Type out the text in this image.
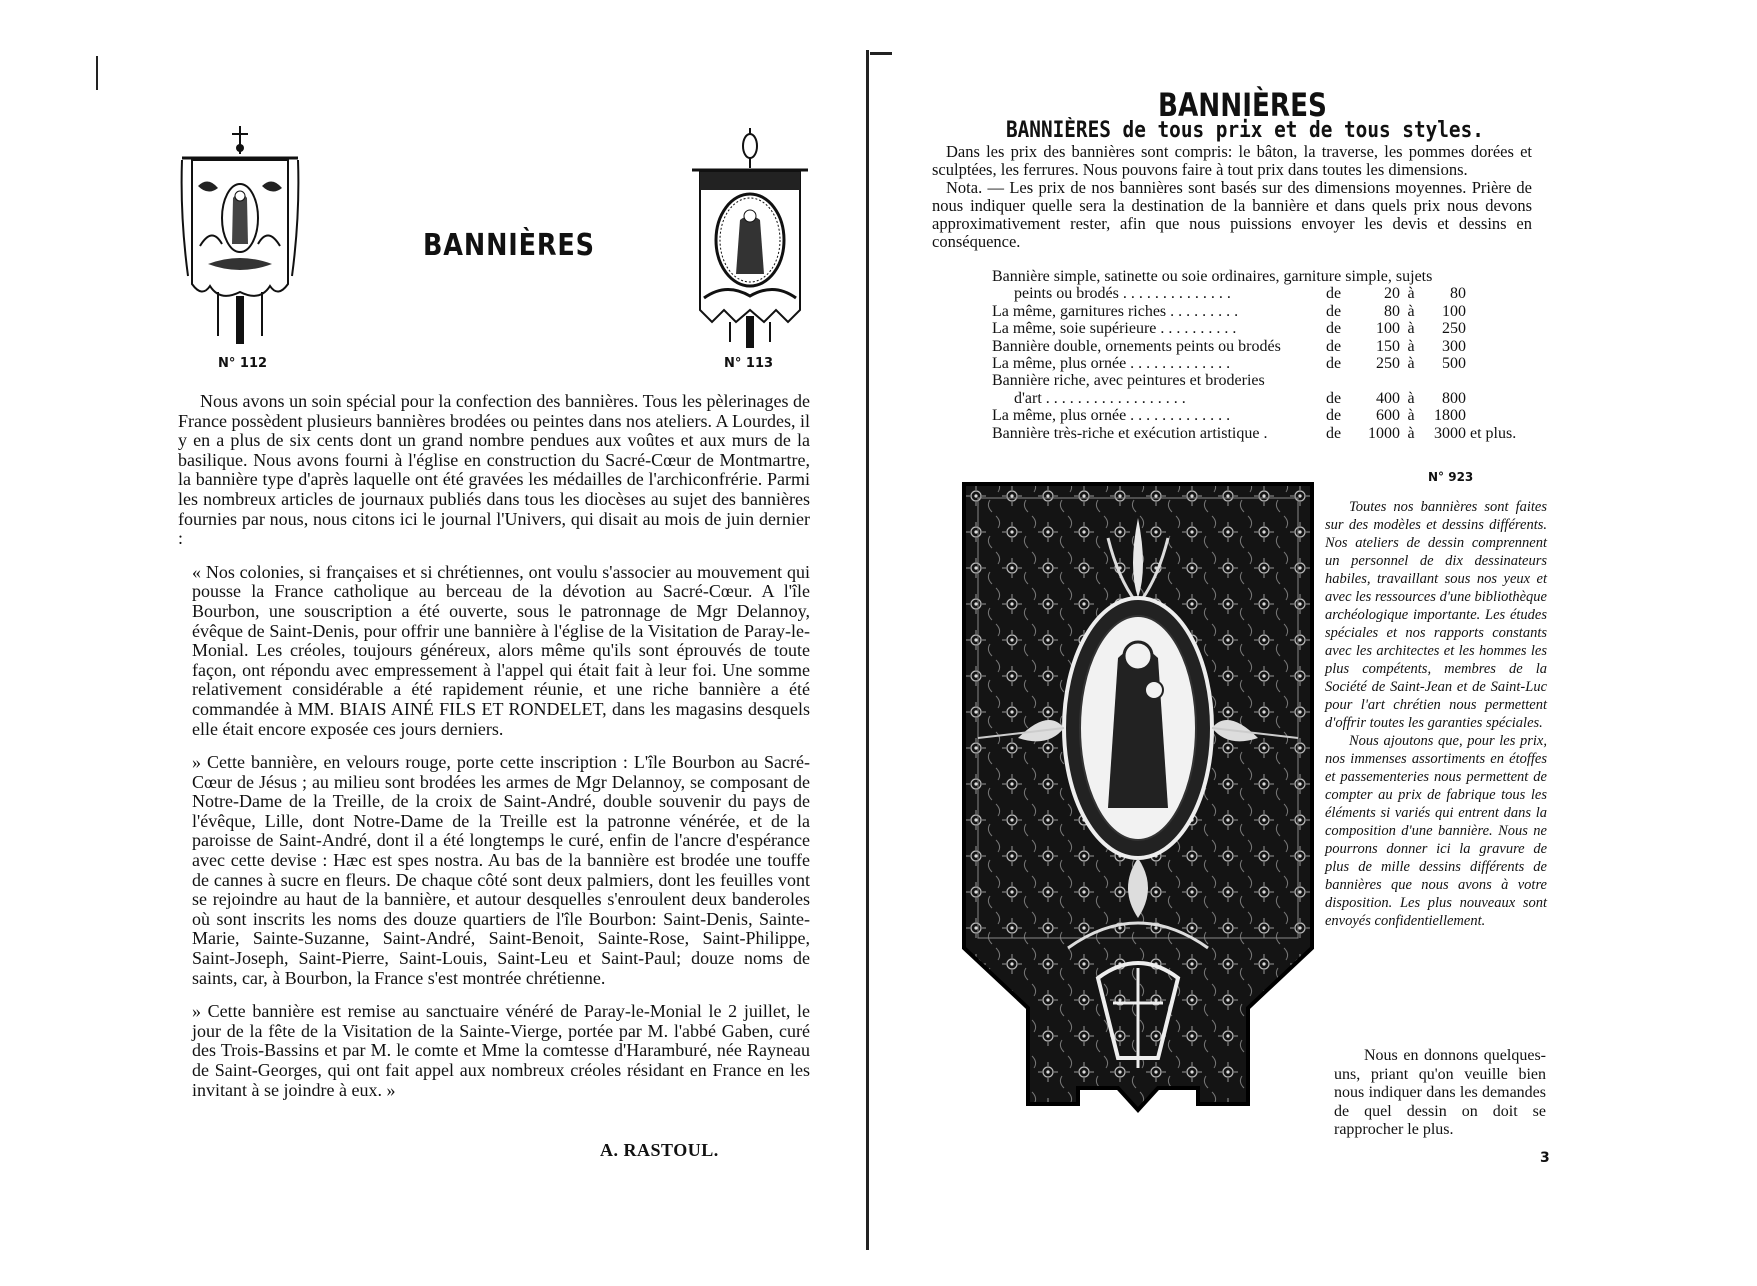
N° 112	N° 113
BANNIÈRES

Nous avons un soin spécial pour la confection des bannières. Tous les pèlerinages de France possèdent plusieurs bannières brodées ou peintes dans nos ateliers. A Lourdes, il y en a plus de six cents dont un grand nombre pendues aux voûtes et aux murs de la basilique. Nous avons fourni à l'église en construction du Sacré-Cœur de Montmartre, la bannière type d'après laquelle ont été gravées les médailles de l'archiconfrérie. Parmi les nombreux articles de journaux publiés dans tous les diocèses au sujet des bannières fournies par nous, nous citons ici le journal l'Univers, qui disait au mois de juin dernier :

« Nos colonies, si françaises et si chrétiennes, ont voulu s'associer au mouvement qui pousse la France catholique au berceau de la dévotion au Sacré-Cœur. A l'île Bourbon, une souscription a été ouverte, sous le patronnage de Mgr Delannoy, évêque de Saint-Denis, pour offrir une bannière à l'église de la Visitation de Paray-le-Monial. Les créoles, toujours généreux, alors même qu'ils sont éprouvés de toute façon, ont répondu avec empressement à l'appel qui était fait à leur foi. Une somme relativement considérable a été rapidement réunie, et une riche bannière a été commandée à MM. BIAIS AINÉ FILS ET RONDELET, dans les magasins desquels elle était encore exposée ces jours derniers.

» Cette bannière, en velours rouge, porte cette inscription : L'île Bourbon au Sacré-Cœur de Jésus ; au milieu sont brodées les armes de Mgr Delannoy, se composant de Notre-Dame de la Treille, de la croix de Saint-André, double souvenir du pays de l'évêque, Lille, dont Notre-Dame de la Treille est la patronne vénérée, et de la paroisse de Saint-André, dont il a été longtemps le curé, enfin de l'ancre d'espérance avec cette devise : Hæc est spes nostra. Au bas de la bannière est brodée une touffe de cannes à sucre en fleurs. De chaque côté sont deux palmiers, dont les feuilles vont se rejoindre au haut de la bannière, et autour desquelles s'enroulent deux banderoles où sont inscrits les noms des douze quartiers de l'île Bourbon: Saint-Denis, Sainte-Marie, Sainte-Suzanne, Saint-André, Saint-Benoit, Sainte-Rose, Saint-Philippe, Saint-Joseph, Saint-Pierre, Saint-Louis, Saint-Leu et Saint-Paul; douze noms de saints, car, à Bourbon, la France s'est montrée chrétienne.

» Cette bannière est remise au sanctuaire vénéré de Paray-le-Monial le 2 juillet, le jour de la fête de la Visitation de la Sainte-Vierge, portée par M. l'abbé Gaben, curé des Trois-Bassins et par M. le comte et Mme la comtesse d'Haramburé, née Rayneau de Saint-Georges, qui ont fait appel aux nombreux créoles résidant en France en les invitant à se joindre à eux. »

A. RASTOUL.
BANNIÈRES
BANNIÈRES de tous prix et de tous styles.

Dans les prix des bannières sont compris: le bâton, la traverse, les pommes dorées et sculptées, les ferrures. Nous pouvons faire à tout prix dans toutes les dimensions.

Nota. — Les prix de nos bannières sont basés sur des dimensions moyennes. Prière de nous indiquer quelle sera la destination de la bannière et dans quels prix nous devons approximativement rester, afin que nous puissions envoyer les devis et dessins en conséquence.

Bannière simple, satinette ou soie ordinaires, garniture simple, sujets
peints ou brodés . . . . . . . . . . . . . .	de	20 à	80
La même, garnitures riches . . . . . . . . .	de	80 à	100
La même, soie supérieure . . . . . . . . . .	de	100 à	250
Bannière double, ornements peints ou brodés	de	150 à	300
La même, plus ornée . . . . . . . . . . . . .	de	250 à	500
Bannière riche, avec peintures et broderies
d'art . . . . . . . . . . . . . . . . . .	de	400 à	800
La même, plus ornée . . . . . . . . . . . . .	de	600 à	1800
Bannière très-riche et exécution artistique .	de	1000 à	3000 et plus.
N° 923

Toutes nos bannières sont faites sur des modèles et dessins différents. Nos ateliers de dessin comprennent un personnel de dix dessinateurs habiles, travaillant sous nos yeux et avec les ressources d'une bibliothèque archéologique importante. Les études spéciales et nos rapports constants avec les architectes et les hommes les plus compétents, membres de la Société de Saint-Jean et de Saint-Luc pour l'art chrétien nous permettent d'offrir toutes les garanties spéciales.

Nous ajoutons que, pour les prix, nos immenses assortiments en étoffes et passementeries nous permettent de compter au prix de fabrique tous les éléments si variés qui entrent dans la composition d'une bannière. Nous ne pourrons donner ici la gravure de plus de mille dessins différents de bannières que nous avons à votre disposition. Les plus nouveaux sont envoyés confidentiellement.

Nous en donnons quelques-uns, priant qu'on veuille bien nous indiquer dans les demandes de quel dessin on doit se rapprocher le plus.

3
